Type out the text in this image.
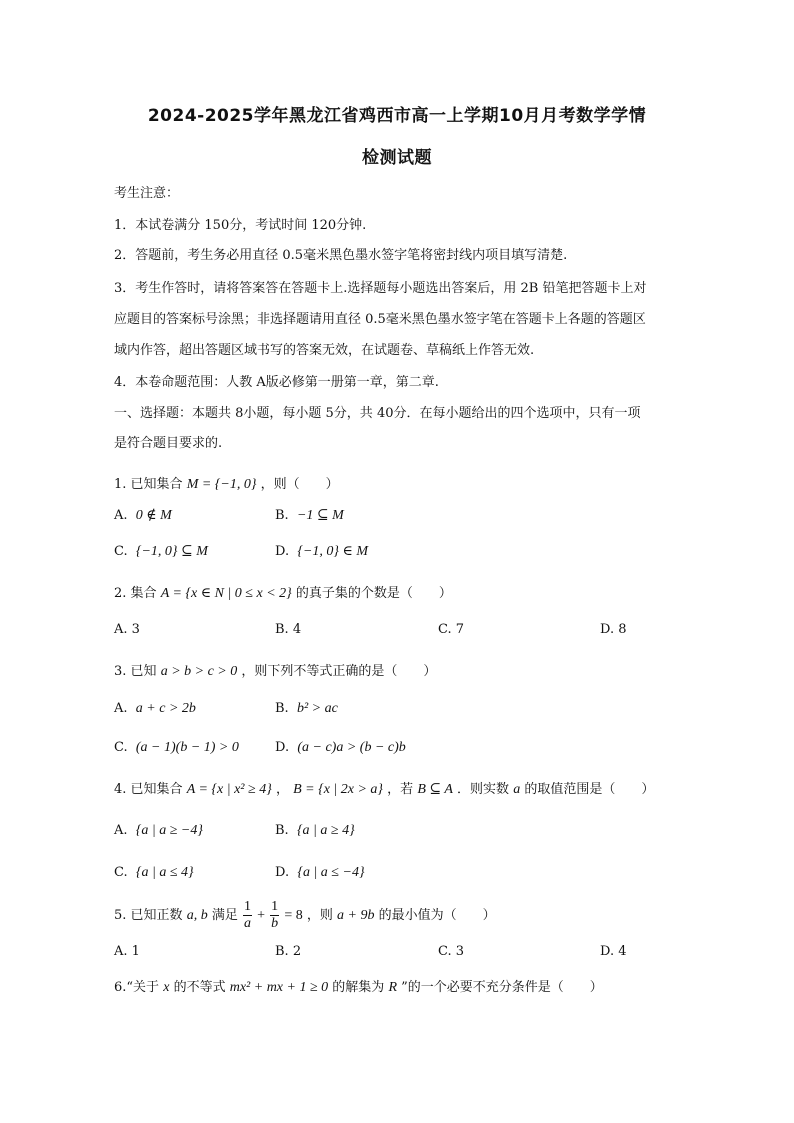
2024-2025学年黑龙江省鸡西市高一上学期10月月考数学学情
检测试题
考生注意：
1．本试卷满分 150分，考试时间 120分钟.
2．答题前，考生务必用直径 0.5毫米黑色墨水签字笔将密封线内项目填写清楚.
3．考生作答时，请将答案答在答题卡上.选择题每小题选出答案后，用 2B 铅笔把答题卡上对
应题目的答案标号涂黑；非选择题请用直径 0.5毫米黑色墨水签字笔在答题卡上各题的答题区
域内作答，超出答题区域书写的答案无效，在试题卷、草稿纸上作答无效.
4．本卷命题范围：人教 A版必修第一册第一章，第二章.
一、选择题：本题共 8小题，每小题 5分，共 40分．在每小题给出的四个选项中，只有一项
是符合题目要求的.
1. 已知集合 M = {−1, 0} ，则（　　）
A. 0 ∉ M	B. −1 ⊆ M
C. {−1, 0} ⊆ M	D. {−1, 0} ∈ M
2. 集合 A = {x ∈ N | 0 ≤ x < 2} 的真子集的个数是（　　）
A. 3	B. 4	C. 7	D. 8
3. 已知 a > b > c > 0 ，则下列不等式正确的是（　　）
A. a + c > 2b	B. b² > ac
C. (a − 1)(b − 1) > 0	D. (a − c)a > (b − c)b
4. 已知集合 A = {x | x² ≥ 4} ， B = {x | 2x > a} ，若 B ⊆ A ．则实数 a 的取值范围是（　　）
A. {a | a ≥ −4}	B. {a | a ≥ 4}
C. {a | a ≤ 4}	D. {a | a ≤ −4}
5. 已知正数 a, b 满足 $\frac{1}{a} + \frac{1}{b} = 8$ ，则 a + 9b 的最小值为（　　）
A. 1	B. 2	C. 3	D. 4
6.“关于 x 的不等式 mx² + mx + 1 ≥ 0 的解集为 R ”的一个必要不充分条件是（　　）
